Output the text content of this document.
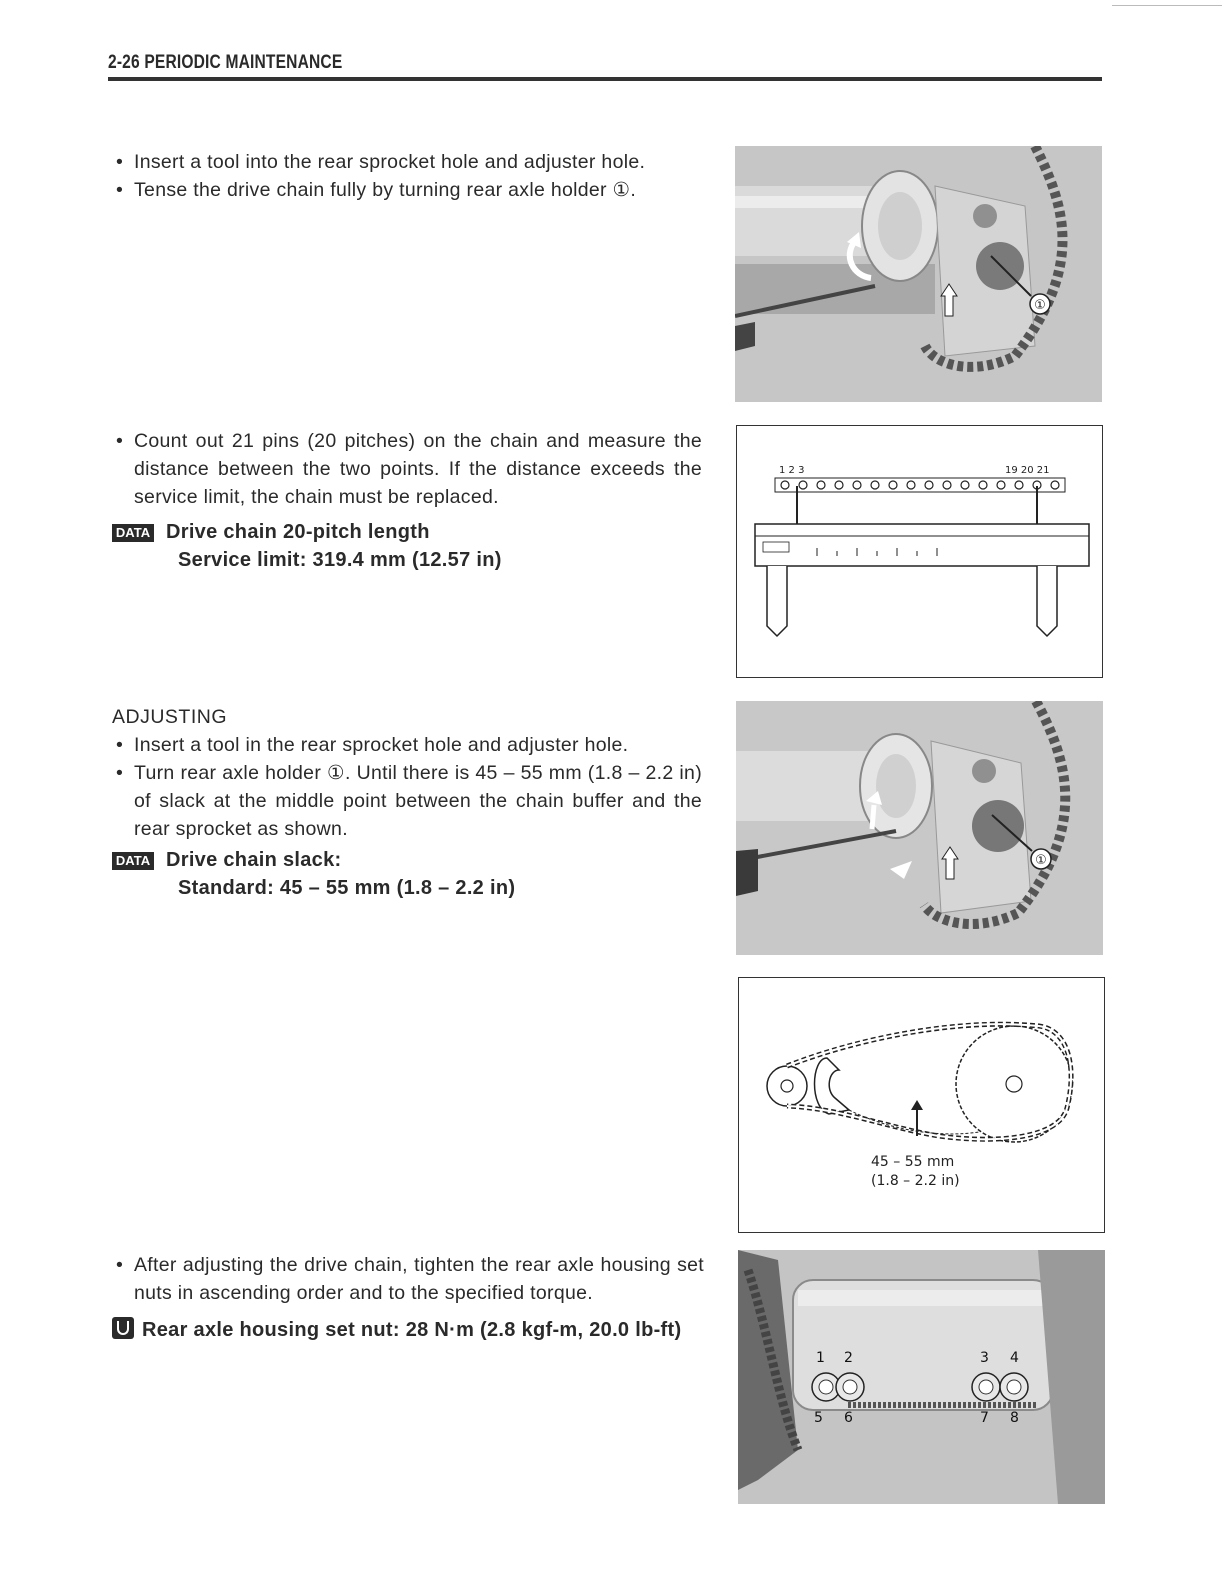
2-26 PERIODIC MAINTENANCE
• Insert a tool into the rear sprocket hole and adjuster hole.
• Tense the drive chain fully by turning rear axle holder ①.
• Count out 21 pins (20 pitches) on the chain and measure the distance between the two points. If the distance exceeds the service limit, the chain must be replaced.
DATA Drive chain 20-pitch length
Service limit: 319.4 mm (12.57 in)
ADJUSTING
• Insert a tool in the rear sprocket hole and adjuster hole.
• Turn rear axle holder ①. Until there is 45 – 55 mm (1.8 – 2.2 in) of slack at the middle point between the chain buffer and the rear sprocket as shown.
DATA Drive chain slack:
Standard: 45 – 55 mm (1.8 – 2.2 in)
• After adjusting the drive chain, tighten the rear axle housing set nuts in ascending order and to the specified torque.
Rear axle housing set nut: 28 N·m (2.8 kgf-m, 20.0 lb-ft)
①
1 2 3	19 20 21
①
45 – 55 mm
(1.8 – 2.2 in)
1 2	3 4
5 6	7 8
